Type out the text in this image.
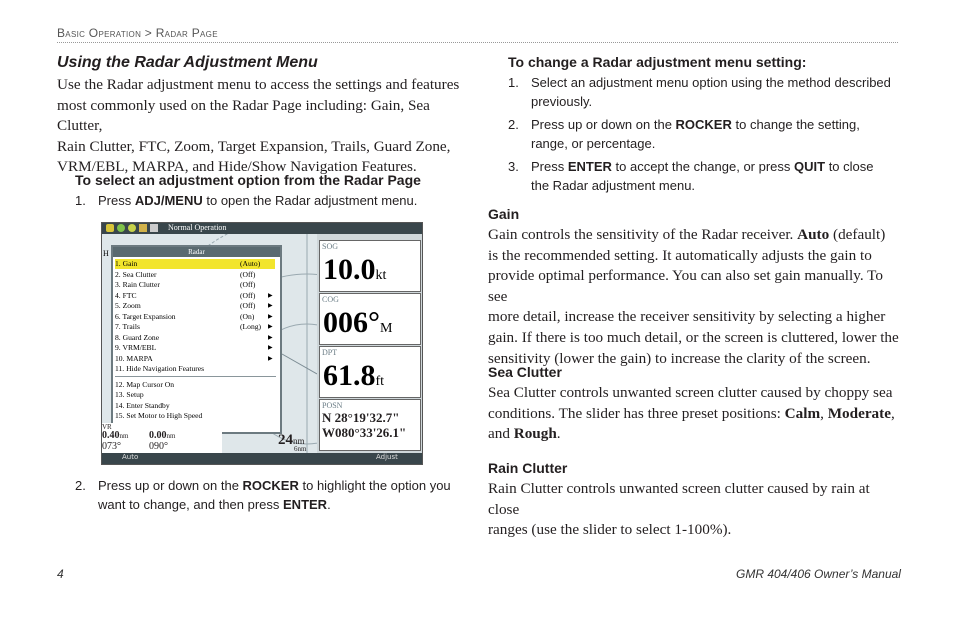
Basic Operation > Radar Page
Using the Radar Adjustment Menu
Use the Radar adjustment menu to access the settings and features
most commonly used on the Radar Page including: Gain, Sea Clutter,
Rain Clutter, FTC, Zoom, Target Expansion, Trails, Guard Zone,
VRM/EBL, MARPA, and Hide/Show Navigation Features.
To select an adjustment option from the Radar Page
1. Press ADJ/MENU to open the Radar adjustment menu.
Normal Operation
H	Radar
1. Gain	(Auto)
2. Sea Clutter	(Off)
3. Rain Clutter	(Off)
4. FTC	(Off) ▶
5. Zoom	(Off) ▶
6. Target Expansion	(On) ▶
7. Trails	(Long) ▶
8. Guard Zone	▶
9. VRM/EBL	▶
10. MARPA	▶
11. Hide Navigation Features
12. Map Cursor On
13. Setup
14. Enter Standby
15. Set Motor to High Speed
VR
0.40nm 0.00nm
073°	090°	24nm
6nm
SOG
10.0kt
COG
006°M
DPT
61.8ft
POSN
N 28°19'32.7"
W080°33'26.1"
Auto	Adjust
2. Press up or down on the ROCKER to highlight the option you
want to change, and then press ENTER.
To change a Radar adjustment menu setting:
1. Select an adjustment menu option using the method described
previously.
2. Press up or down on the ROCKER to change the setting,
range, or percentage.
3. Press ENTER to accept the change, or press QUIT to close
the Radar adjustment menu.
Gain
Gain controls the sensitivity of the Radar receiver. Auto (default)
is the recommended setting. It automatically adjusts the gain to
provide optimal performance. You can also set gain manually. To see
more detail, increase the receiver sensitivity by selecting a higher
gain. If there is too much detail, or the screen is cluttered, lower the
sensitivity (lower the gain) to increase the clarity of the screen.
Sea Clutter
Sea Clutter controls unwanted screen clutter caused by choppy sea
conditions. The slider has three preset positions: Calm, Moderate,
and Rough.
Rain Clutter
Rain Clutter controls unwanted screen clutter caused by rain at close
ranges (use the slider to select 1-100%).
4	GMR 404/406 Owner’s Manual
